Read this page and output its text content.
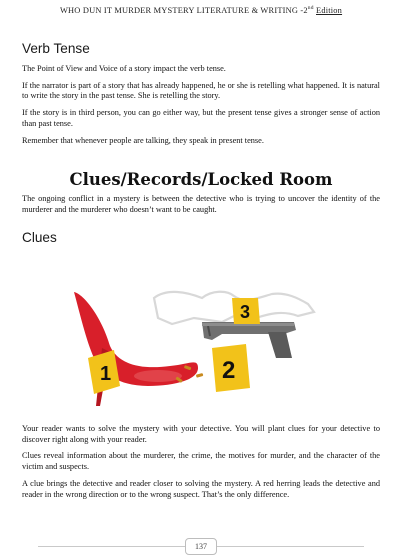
WHO DUN IT MURDER MYSTERY LITERATURE & WRITING -2nd Edition
Verb Tense
The Point of View and Voice of a story impact the verb tense.
If the narrator is part of a story that has already happened, he or she is retelling what happened. It is natural to write the story in the past tense. She is retelling the story.
If the story is in third person, you can go either way, but the present tense gives a stronger sense of action than past tense.
Remember that whenever people are talking, they speak in present tense.
Clues/Records/Locked Room
The ongoing conflict in a mystery is between the detective who is trying to uncover the identity of the murderer and the murderer who doesn’t want to be caught.
Clues
1
3
2
Your reader wants to solve the mystery with your detective. You will plant clues for your detective to discover right along with your reader.
Clues reveal information about the murderer, the crime, the motives for murder, and the character of the victim and suspects.
A clue brings the detective and reader closer to solving the mystery. A red herring leads the detective and reader in the wrong direction or to the wrong suspect. That’s the only difference.
137
